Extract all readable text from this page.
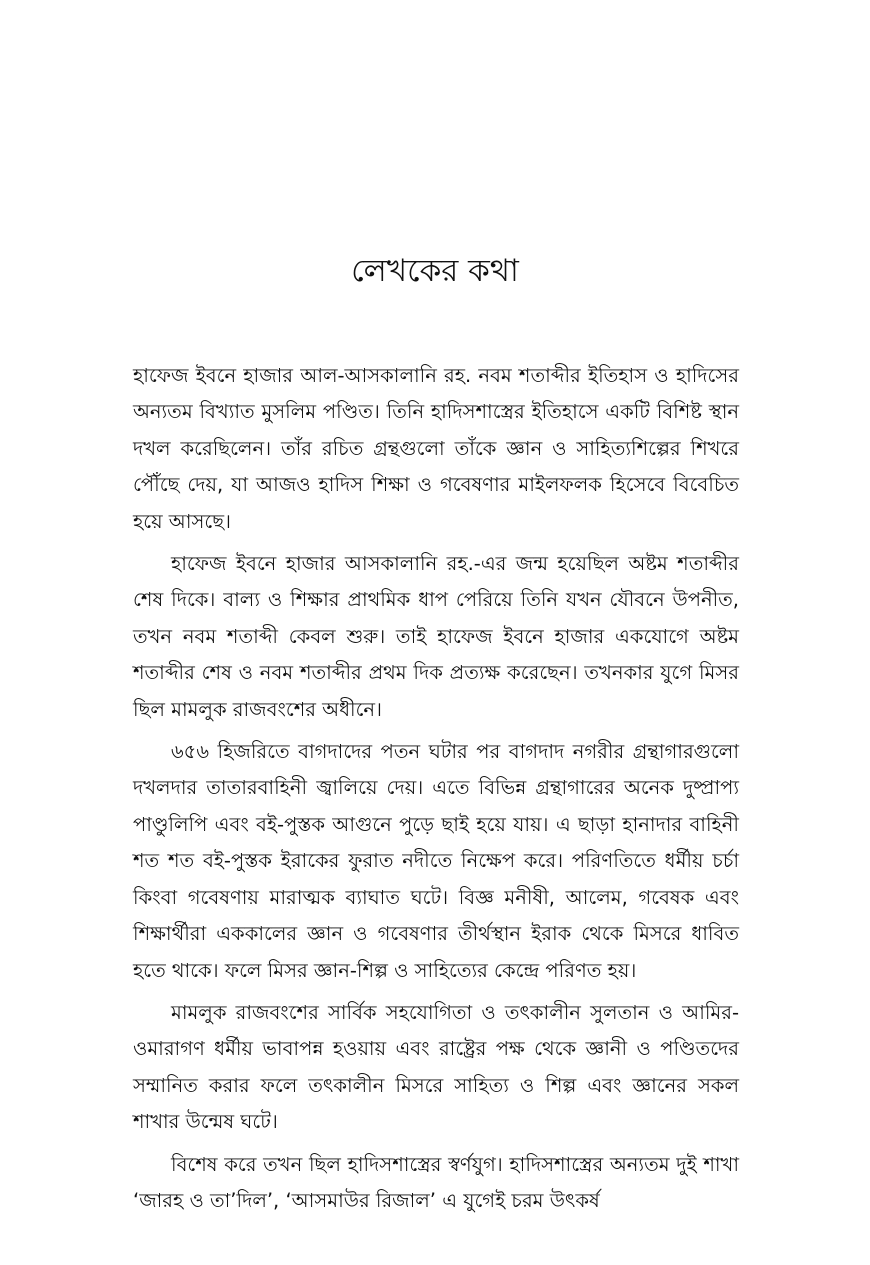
লেখকের কথা

হাফেজ ইবনে হাজার আল-আসকালানি রহ. নবম শতাব্দীর ইতিহাস ও হাদিসের অন্যতম বিখ্যাত মুসলিম পণ্ডিত। তিনি হাদিসশাস্ত্রের ইতিহাসে একটি বিশিষ্ট স্থান দখল করেছিলেন। তাঁর রচিত গ্রন্থগুলো তাঁকে জ্ঞান ও সাহিত্যশিল্পের শিখরে পৌঁছে দেয়, যা আজও হাদিস শিক্ষা ও গবেষণার মাইলফলক হিসেবে বিবেচিত হয়ে আসছে।

হাফেজ ইবনে হাজার আসকালানি রহ.-এর জন্ম হয়েছিল অষ্টম শতাব্দীর শেষ দিকে। বাল্য ও শিক্ষার প্রাথমিক ধাপ পেরিয়ে তিনি যখন যৌবনে উপনীত, তখন নবম শতাব্দী কেবল শুরু। তাই হাফেজ ইবনে হাজার একযোগে অষ্টম শতাব্দীর শেষ ও নবম শতাব্দীর প্রথম দিক প্রত্যক্ষ করেছেন। তখনকার যুগে মিসর ছিল মামলুক রাজবংশের অধীনে।

৬৫৬ হিজরিতে বাগদাদের পতন ঘটার পর বাগদাদ নগরীর গ্রন্থাগারগুলো দখলদার তাতারবাহিনী জ্বালিয়ে দেয়। এতে বিভিন্ন গ্রন্থাগারের অনেক দুষ্প্রাপ্য পাণ্ডুলিপি এবং বই-পুস্তক আগুনে পুড়ে ছাই হয়ে যায়। এ ছাড়া হানাদার বাহিনী শত শত বই-পুস্তক ইরাকের ফুরাত নদীতে নিক্ষেপ করে। পরিণতিতে ধর্মীয় চর্চা কিংবা গবেষণায় মারাত্মক ব্যাঘাত ঘটে। বিজ্ঞ মনীষী, আলেম, গবেষক এবং শিক্ষার্থীরা এককালের জ্ঞান ও গবেষণার তীর্থস্থান ইরাক থেকে মিসরে ধাবিত হতে থাকে। ফলে মিসর জ্ঞান-শিল্প ও সাহিত্যের কেন্দ্রে পরিণত হয়।

মামলুক রাজবংশের সার্বিক সহযোগিতা ও তৎকালীন সুলতান ও আমির-ওমারাগণ ধর্মীয় ভাবাপন্ন হওয়ায় এবং রাষ্ট্রের পক্ষ থেকে জ্ঞানী ও পণ্ডিতদের সম্মানিত করার ফলে তৎকালীন মিসরে সাহিত্য ও শিল্প এবং জ্ঞানের সকল শাখার উন্মেষ ঘটে।

বিশেষ করে তখন ছিল হাদিসশাস্ত্রের স্বর্ণযুগ। হাদিসশাস্ত্রের অন্যতম দুই শাখা ‘জারহ ও তা’দিল’, ‘আসমাউর রিজাল’ এ যুগেই চরম উৎকর্ষ
